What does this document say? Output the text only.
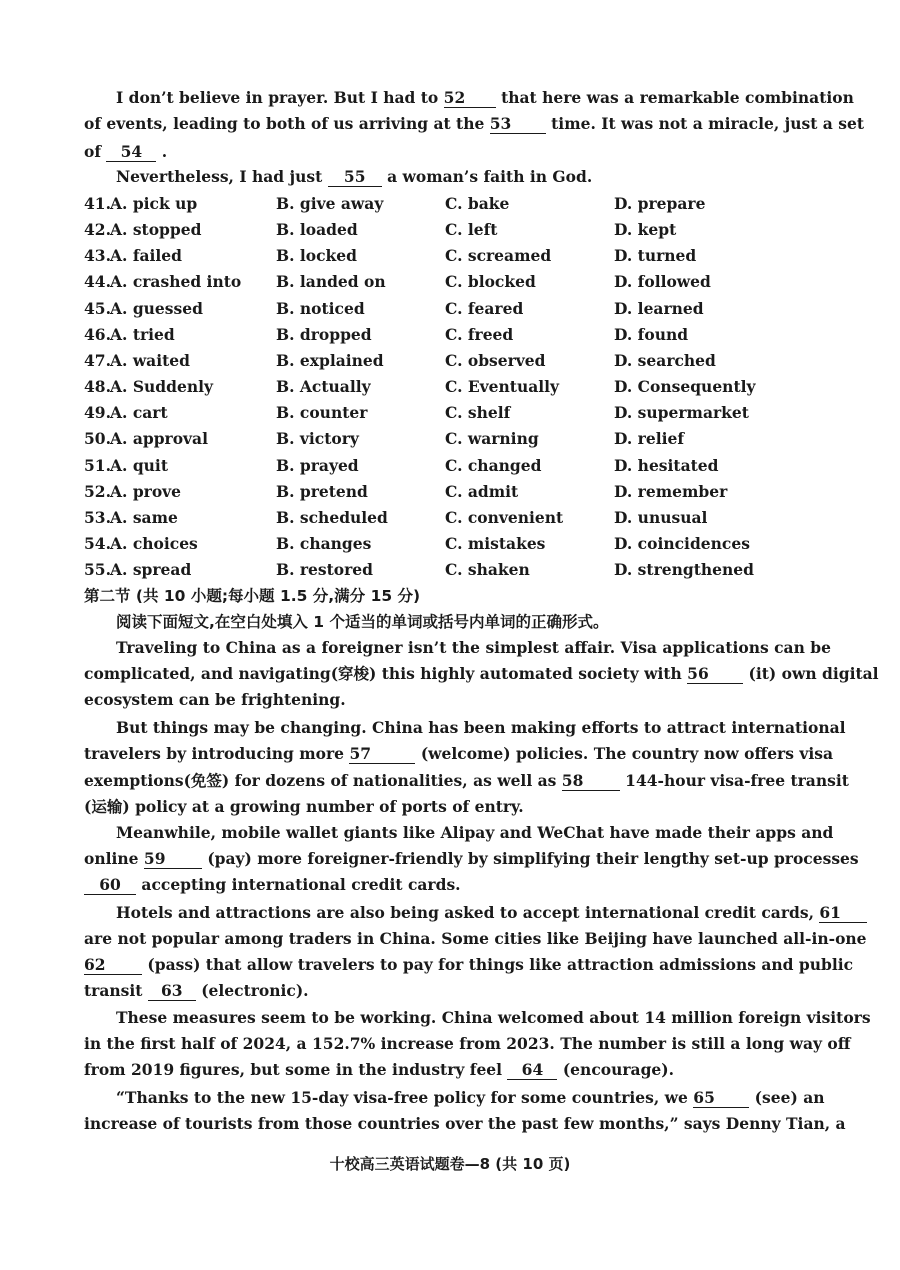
I don’t believe in prayer. But I had to 52 that here was a remarkable combination
of events, leading to both of us arriving at the 53 time. It was not a miracle, just a set
of 54 .
Nevertheless, I had just 55 a woman’s faith in God.
41. A. pick up	B. give away	C. bake	D. prepare
42. A. stopped	B. loaded	C. left	D. kept
43. A. failed	B. locked	C. screamed	D. turned
44. A. crashed into B. landed on	C. blocked	D. followed
45. A. guessed	B. noticed	C. feared	D. learned
46. A. tried	B. dropped	C. freed	D. found
47. A. waited	B. explained	C. observed	D. searched
48. A. Suddenly	B. Actually	C. Eventually	D. Consequently
49. A. cart	B. counter	C. shelf	D. supermarket
50. A. approval	B. victory	C. warning	D. relief
51. A. quit	B. prayed	C. changed	D. hesitated
52. A. prove	B. pretend	C. admit	D. remember
53. A. same	B. scheduled	C. convenient	D. unusual
54. A. choices	B. changes	C. mistakes	D. coincidences
55. A. spread	B. restored	C. shaken	D. strengthened
第二节 (共 10 小题;每小题 1.5 分,满分 15 分)
阅读下面短文,在空白处填入 1 个适当的单词或括号内单词的正确形式。
Traveling to China as a foreigner isn’t the simplest affair. Visa applications can be
complicated, and navigating(穿梭) this highly automated society with 56 (it) own digital
ecosystem can be frightening.
But things may be changing. China has been making efforts to attract international
travelers by introducing more 57	(welcome) policies. The country now offers visa
exemptions(免签) for dozens of nationalities, as well as 58 144-hour visa-free transit
(运输) policy at a growing number of ports of entry.
Meanwhile, mobile wallet giants like Alipay and WeChat have made their apps and
online 59 (pay) more foreigner-friendly by simplifying their lengthy set-up processes
60 accepting international credit cards.
Hotels and attractions are also being asked to accept international credit cards, 61
are not popular among traders in China. Some cities like Beijing have launched all-in-one
62 (pass) that allow travelers to pay for things like attraction admissions and public
transit 63 (electronic).
These measures seem to be working. China welcomed about 14 million foreign visitors
in the first half of 2024, a 152.7% increase from 2023. The number is still a long way off
from 2019 figures, but some in the industry feel 64 (encourage).
“Thanks to the new 15-day visa-free policy for some countries, we 65 (see) an
increase of tourists from those countries over the past few months,” says Denny Tian, a
十校高三英语试题卷—8 (共 10 页)
